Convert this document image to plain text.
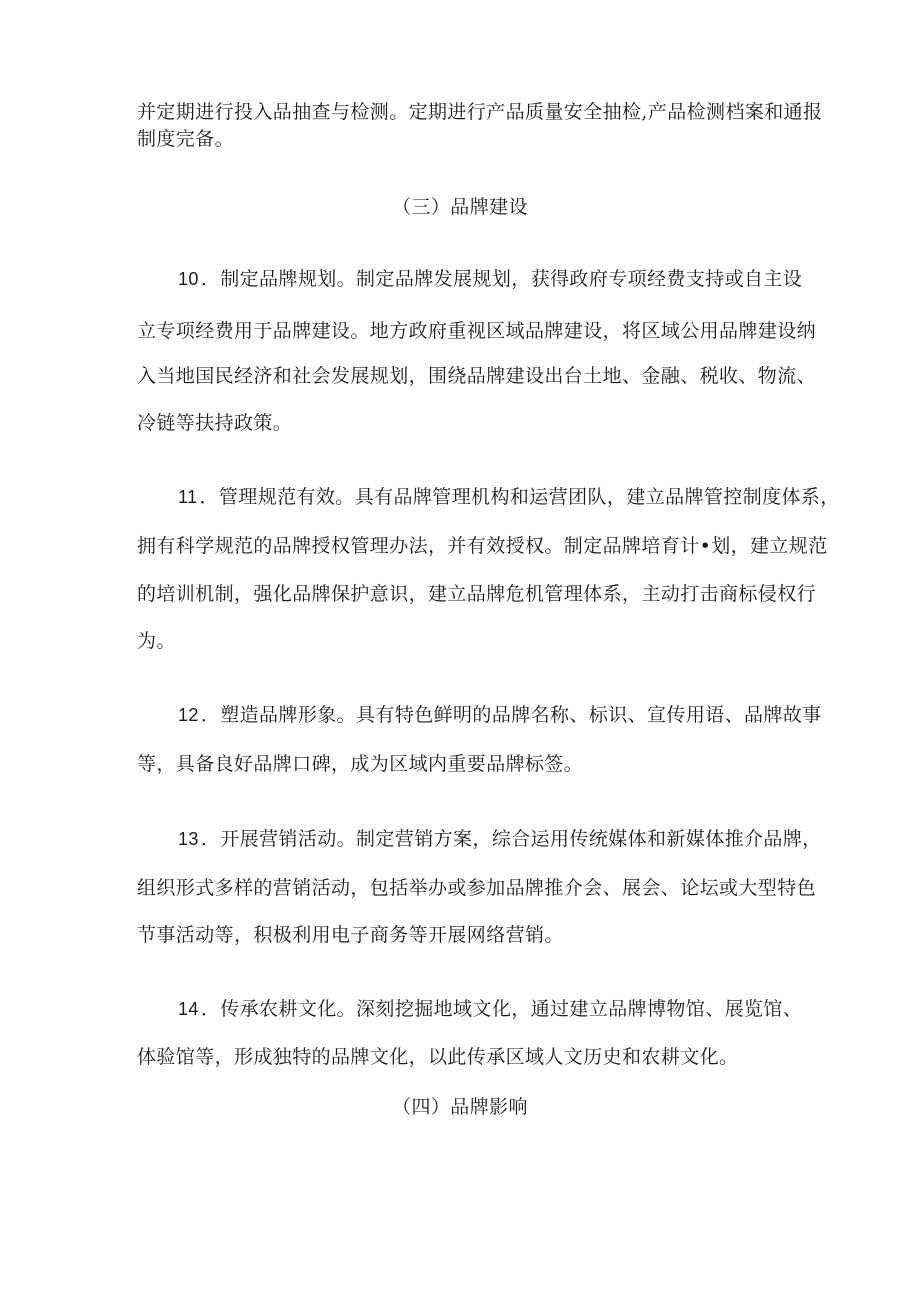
并定期进行投入品抽查与检测。定期进行产品质量安全抽检,产品检测档案和通报
制度完备。
（三）品牌建设
10 ．制定品牌规划。制定品牌发展规划，获得政府专项经费支持或自主设
立专项经费用于品牌建设。地方政府重视区域品牌建设，将区域公用品牌建设纳
入当地国民经济和社会发展规划，围绕品牌建设出台土地、金融、税收、物流、
冷链等扶持政策。
11 ．管理规范有效。具有品牌管理机构和运营团队，建立品牌管控制度体系，
拥有科学规范的品牌授权管理办法，并有效授权。制定品牌培育计•划，建立规范
的培训机制，强化品牌保护意识，建立品牌危机管理体系，主动打击商标侵权行
为。
12 ．塑造品牌形象。具有特色鲜明的品牌名称、标识、宣传用语、品牌故事
等，具备良好品牌口碑，成为区域内重要品牌标签。
13 ．开展营销活动。制定营销方案，综合运用传统媒体和新媒体推介品牌，
组织形式多样的营销活动，包括举办或参加品牌推介会、展会、论坛或大型特色
节事活动等，积极利用电子商务等开展网络营销。
14 ．传承农耕文化。深刻挖掘地域文化，通过建立品牌博物馆、展览馆、
体验馆等，形成独特的品牌文化，以此传承区域人文历史和农耕文化。
（四）品牌影响
